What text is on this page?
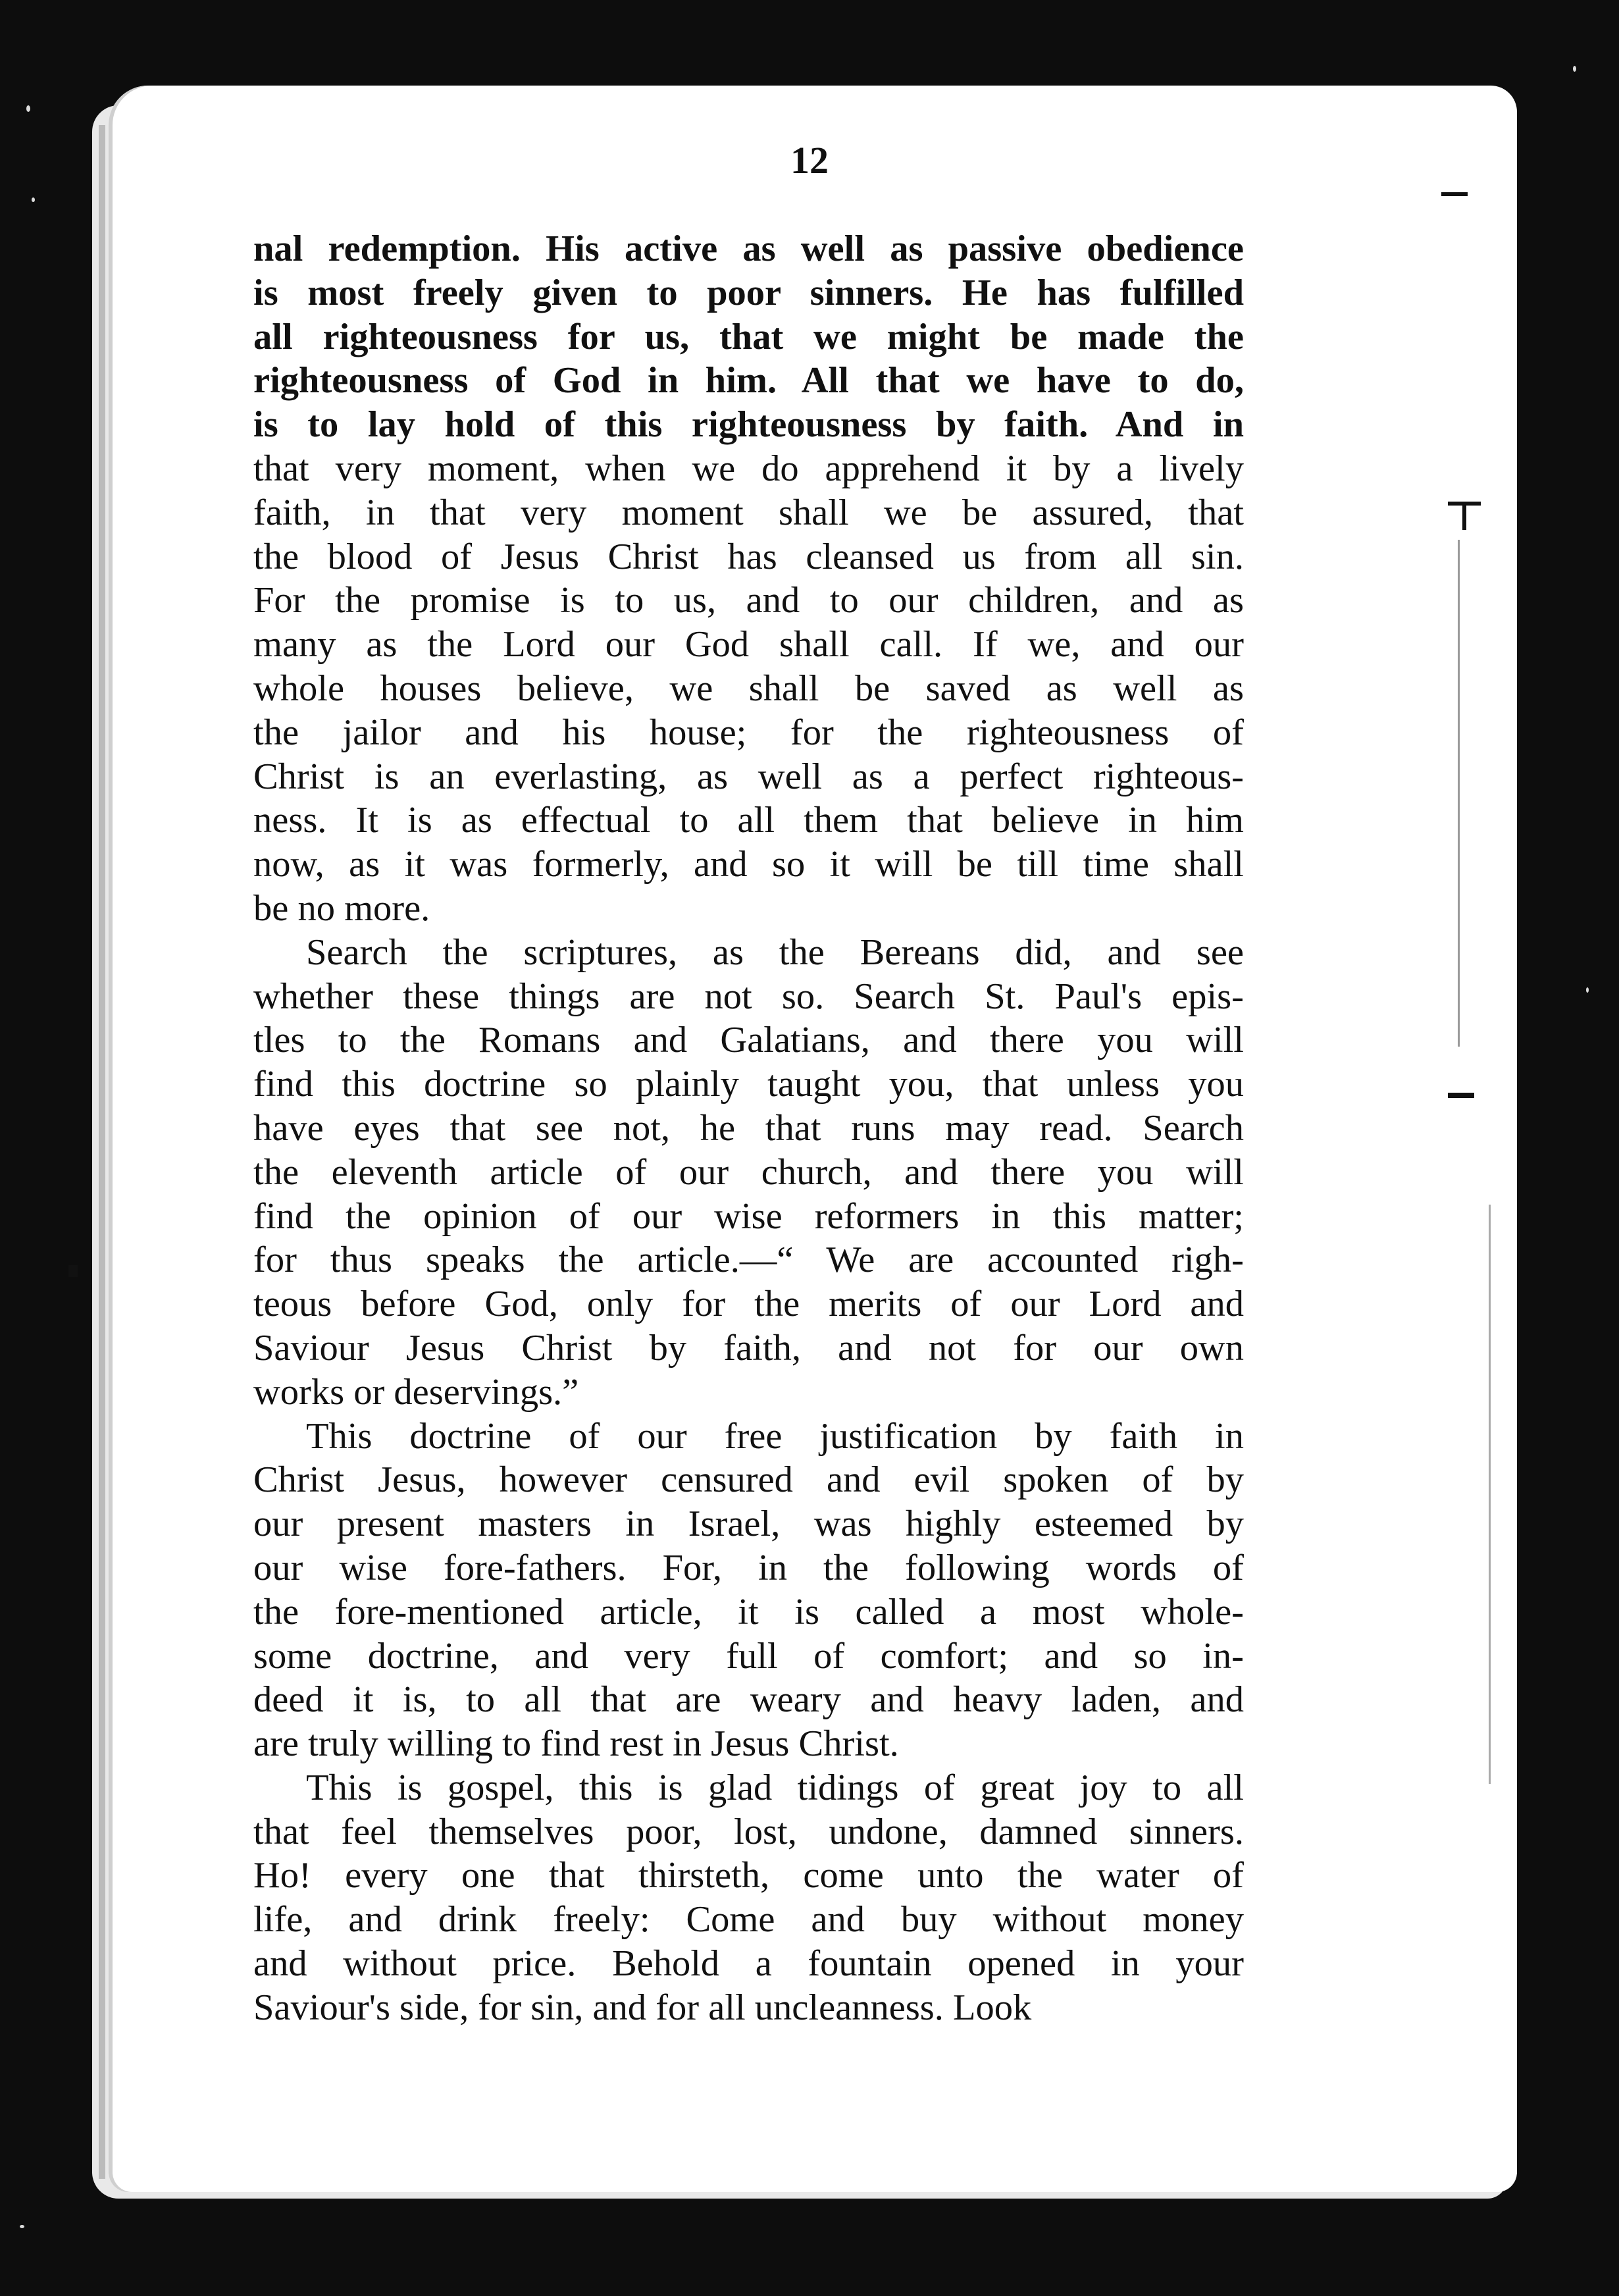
12
nal redemption. His active as well as passive obedience
is most freely given to poor sinners. He has fulfilled
all righteousness for us, that we might be made the
righteousness of God in him. All that we have to do,
is to lay hold of this righteousness by faith. And in
that very moment, when we do apprehend it by a lively
faith, in that very moment shall we be assured, that
the blood of Jesus Christ has cleansed us from all sin.
For the promise is to us, and to our children, and as
many as the Lord our God shall call. If we, and our
whole houses believe, we shall be saved as well as
the jailor and his house; for the righteousness of
Christ is an everlasting, as well as a perfect righteous-
ness. It is as effectual to all them that believe in him
now, as it was formerly, and so it will be till time shall
be no more.
Search the scriptures, as the Bereans did, and see
whether these things are not so. Search St. Paul's epis-
tles to the Romans and Galatians, and there you will
find this doctrine so plainly taught you, that unless you
have eyes that see not, he that runs may read. Search
the eleventh article of our church, and there you will
find the opinion of our wise reformers in this matter;
for thus speaks the article.—“ We are accounted righ-
teous before God, only for the merits of our Lord and
Saviour Jesus Christ by faith, and not for our own
works or deservings.”
This doctrine of our free justification by faith in
Christ Jesus, however censured and evil spoken of by
our present masters in Israel, was highly esteemed by
our wise fore-fathers. For, in the following words of
the fore-mentioned article, it is called a most whole-
some doctrine, and very full of comfort; and so in-
deed it is, to all that are weary and heavy laden, and
are truly willing to find rest in Jesus Christ.
This is gospel, this is glad tidings of great joy to all
that feel themselves poor, lost, undone, damned sinners.
Ho! every one that thirsteth, come unto the water of
life, and drink freely: Come and buy without money
and without price. Behold a fountain opened in your
Saviour's side, for sin, and for all uncleanness. Look
